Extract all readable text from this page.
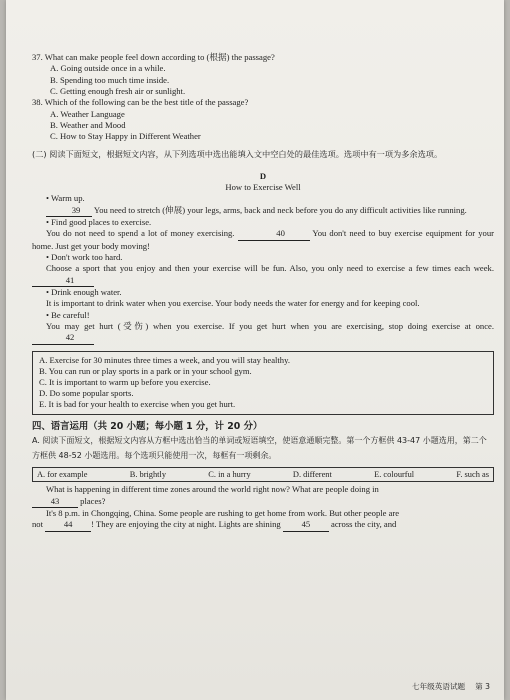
37. What can make people feel down according to (根据) the passage?

A. Going outside once in a while.

B. Spending too much time inside.

C. Getting enough fresh air or sunlight.

38. Which of the following can be the best title of the passage?

A. Weather Language

B. Weather and Mood

C. How to Stay Happy in Different Weather

(二) 阅读下面短文，根据短文内容，从下列选项中选出能填入文中空白处的最佳选项。选项中有一项为多余选项。

D
How to Exercise Well

• Warm up.

39 You need to stretch (伸展) your legs, arms, back and neck before you do any difficult activities like running.

• Find good places to exercise.

You do not need to spend a lot of money exercising.	40	You don't need to buy exercise equipment for your home. Just get your body moving!

• Don't work too hard.

Choose a sport that you enjoy and then your exercise will be fun. Also, you only need to exercise a few times each week. 41

• Drink enough water.

It is important to drink water when you exercise. Your body needs the water for energy and for keeping cool.

• Be careful!

You may get hurt (受伤) when you exercise. If you get hurt when you are exercising, stop doing exercise at once. 42

A. Exercise for 30 minutes three times a week, and you will stay healthy.
B. You can run or play sports in a park or in your school gym.
C. It is important to warm up before you exercise.
D. Do some popular sports.
E. It is bad for your health to exercise when you get hurt.
四、语言运用（共 20 小题；每小题 1 分，计 20 分）

A. 阅读下面短文，根据短文内容从方框中选出恰当的单词或短语填空，使语意通顺完整。第一个方框供 43-47 小题选用，第二个方框供 48-52 小题选用。每个选项只能使用一次，每框有一项剩余。

A. for example	B. brightly	C. in a hurry	D. different	E. colourful	F. such as

What is happening in different time zones around the world right now? What are people doing in

43 places?

It's 8 p.m. in Chongqing, China. Some people are rushing to get home from work. But other people are

not 44 ! They are enjoying the city at night. Lights are shining 45 across the city, and

七年级英语试题 第 3
